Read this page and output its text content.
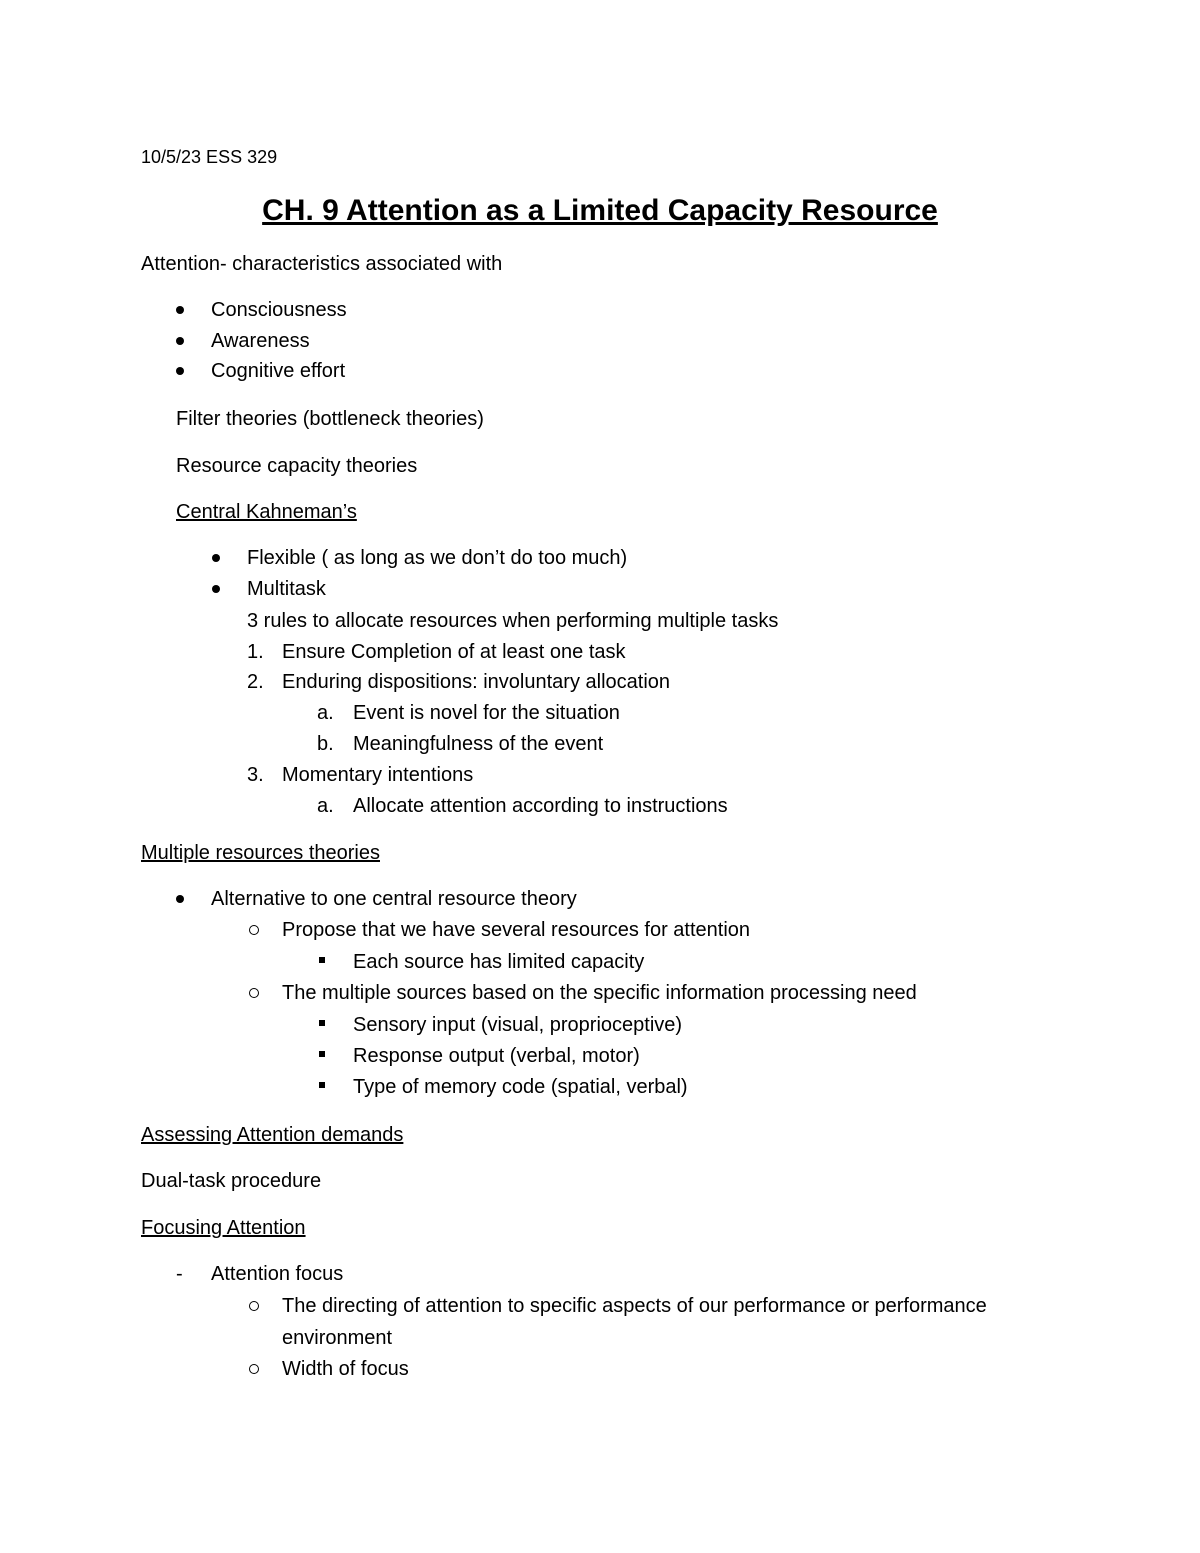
10/5/23 ESS 329
CH. 9 Attention as a Limited Capacity Resource
Attention- characteristics associated with
Consciousness
Awareness
Cognitive effort
Filter theories (bottleneck theories)
Resource capacity theories
Central Kahneman’s
Flexible ( as long as we don’t do too much)
Multitask
3 rules to allocate resources when performing multiple tasks
1. Ensure Completion of at least one task
2. Enduring dispositions: involuntary allocation
a. Event is novel for the situation
b. Meaningfulness of the event
3. Momentary intentions
a. Allocate attention according to instructions
Multiple resources theories
Alternative to one central resource theory
Propose that we have several resources for attention
Each source has limited capacity
The multiple sources based on the specific information processing need
Sensory input (visual, proprioceptive)
Response output (verbal, motor)
Type of memory code (spatial, verbal)
Assessing Attention demands
Dual-task procedure
Focusing Attention
- Attention focus
The directing of attention to specific aspects of our performance or performance
environment
Width of focus
